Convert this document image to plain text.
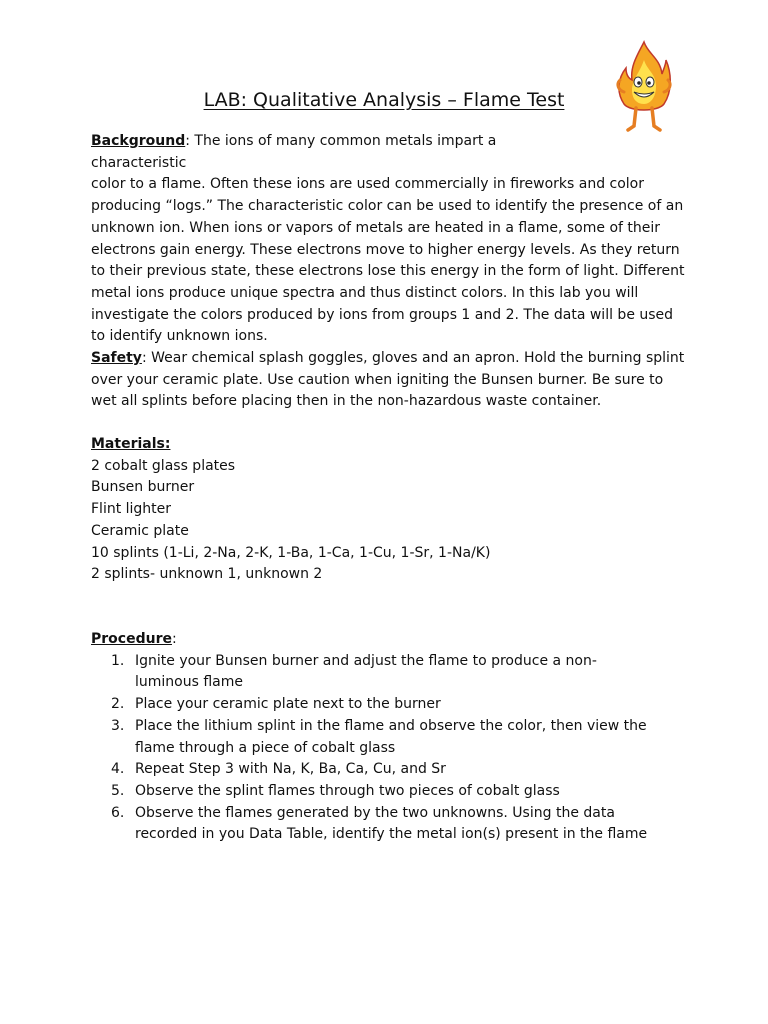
LAB: Qualitative Analysis – Flame Test
Background: The ions of many common metals impart a characteristic
color to a flame. Often these ions are used commercially in fireworks and color producing “logs.” The characteristic color can be used to identify the presence of an unknown ion. When ions or vapors of metals are heated in a flame, some of their electrons gain energy. These electrons move to higher energy levels. As they return to their previous state, these electrons lose this energy in the form of light. Different metal ions produce unique spectra and thus distinct colors. In this lab you will investigate the colors produced by ions from groups 1 and 2. The data will be used to identify unknown ions.
Safety: Wear chemical splash goggles, gloves and an apron. Hold the burning splint over your ceramic plate. Use caution when igniting the Bunsen burner. Be sure to wet all splints before placing then in the non-hazardous waste container.
Materials:
2 cobalt glass plates
Bunsen burner
Flint lighter
Ceramic plate
10 splints (1-Li, 2-Na, 2-K, 1-Ba, 1-Ca, 1-Cu, 1-Sr, 1-Na/K)
2 splints- unknown 1, unknown 2
Procedure:
1. Ignite your Bunsen burner and adjust the flame to produce a non- luminous flame
2. Place your ceramic plate next to the burner
3. Place the lithium splint in the flame and observe the color, then view the flame through a piece of cobalt glass
4. Repeat Step 3 with Na, K, Ba, Ca, Cu, and Sr
5. Observe the splint flames through two pieces of cobalt glass
6. Observe the flames generated by the two unknowns. Using the data recorded in you Data Table, identify the metal ion(s) present in the flame
